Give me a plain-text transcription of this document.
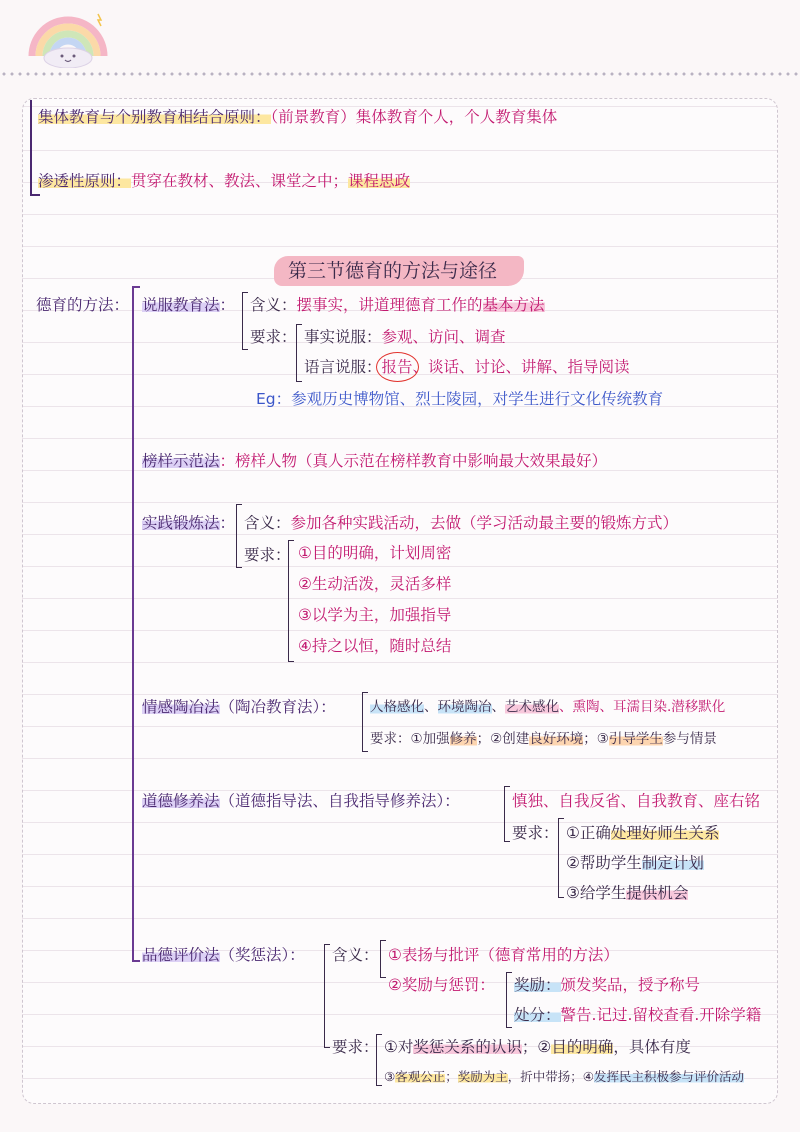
集体教育与个别教育相结合原则：（前景教育）集体教育个人，个人教育集体
渗透性原则：贯穿在教材、教法、课堂之中；课程思政
第三节德育的方法与途径
德育的方法： 说服教育法： 含义：摆事实，讲道理德育工作的基本方法
要求： 事实说服：参观、访问、调查
语言说服：报告、谈话、讨论、讲解、指导阅读
Eg：参观历史博物馆、烈士陵园，对学生进行文化传统教育
榜样示范法：榜样人物（真人示范在榜样教育中影响最大效果最好）
实践锻炼法： 含义：参加各种实践活动，去做（学习活动最主要的锻炼方式）
要求： ①目的明确，计划周密
②生动活泼，灵活多样
③以学为主，加强指导
④持之以恒，随时总结
情感陶冶法（陶冶教育法）：	人格感化、环境陶冶、艺术感化、熏陶、耳濡目染.潜移默化
要求：①加强修养；②创建良好环境；③引导学生参与情景
道德修养法（道德指导法、自我指导修养法）：	慎独、自我反省、自我教育、座右铭
要求： ①正确处理好师生关系
②帮助学生制定计划
③给学生提供机会
品德评价法（奖惩法）： 含义： ①表扬与批评（德育常用的方法）
②奖励与惩罚： 奖励：颁发奖品，授予称号
处分：警告.记过.留校查看.开除学籍
要求： ①对奖惩关系的认识；②目的明确，具体有度
③客观公正；奖励为主，折中带扬；④发挥民主积极参与评价活动
